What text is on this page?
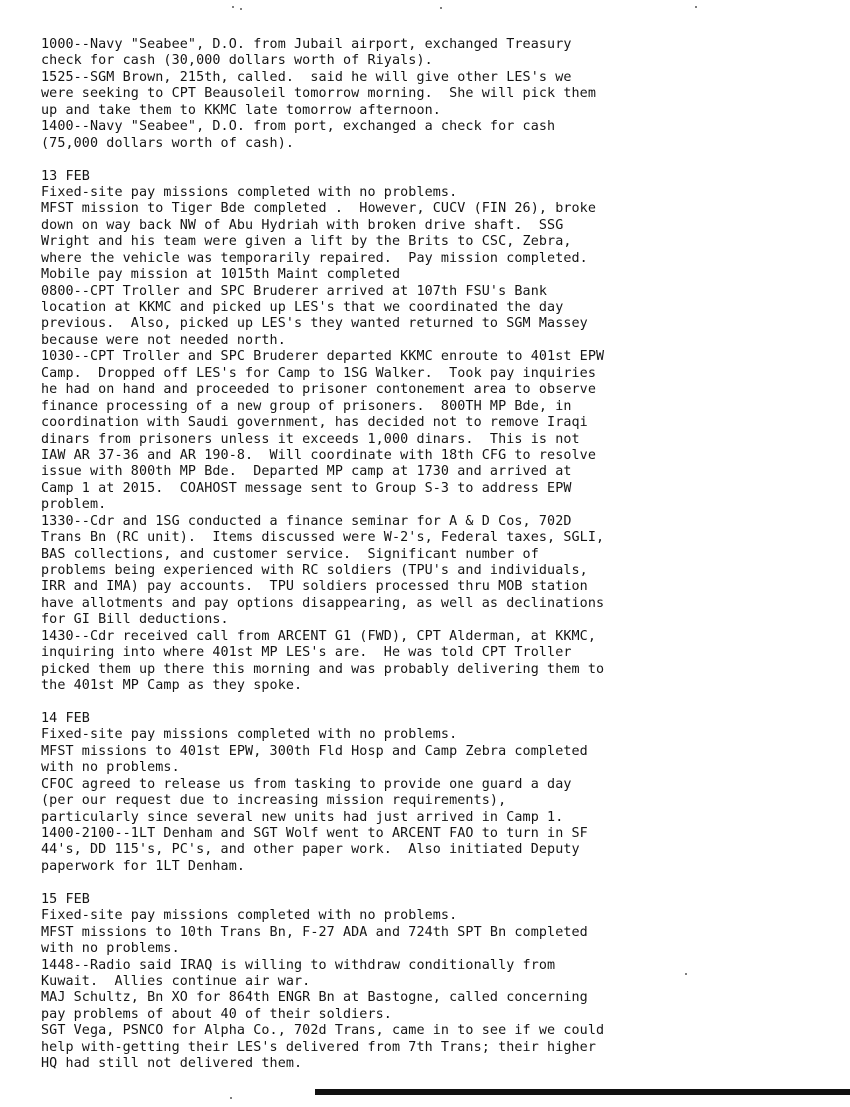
1000--Navy "Seabee", D.O. from Jubail airport, exchanged Treasury
check for cash (30,000 dollars worth of Riyals).
1525--SGM Brown, 215th, called.  said he will give other LES's we
were seeking to CPT Beausoleil tomorrow morning.  She will pick them
up and take them to KKMC late tomorrow afternoon.
1400--Navy "Seabee", D.O. from port, exchanged a check for cash
(75,000 dollars worth of cash).
13 FEB
Fixed-site pay missions completed with no problems.
MFST mission to Tiger Bde completed .  However, CUCV (FIN 26), broke
down on way back NW of Abu Hydriah with broken drive shaft.  SSG
Wright and his team were given a lift by the Brits to CSC, Zebra,
where the vehicle was temporarily repaired.  Pay mission completed.
Mobile pay mission at 1015th Maint completed
0800--CPT Troller and SPC Bruderer arrived at 107th FSU's Bank
location at KKMC and picked up LES's that we coordinated the day
previous.  Also, picked up LES's they wanted returned to SGM Massey
because were not needed north.
1030--CPT Troller and SPC Bruderer departed KKMC enroute to 401st EPW
Camp.  Dropped off LES's for Camp to 1SG Walker.  Took pay inquiries
he had on hand and proceeded to prisoner contonement area to observe
finance processing of a new group of prisoners.  800TH MP Bde, in
coordination with Saudi government, has decided not to remove Iraqi
dinars from prisoners unless it exceeds 1,000 dinars.  This is not
IAW AR 37-36 and AR 190-8.  Will coordinate with 18th CFG to resolve
issue with 800th MP Bde.  Departed MP camp at 1730 and arrived at
Camp 1 at 2015.  COAHOST message sent to Group S-3 to address EPW
problem.
1330--Cdr and 1SG conducted a finance seminar for A & D Cos, 702D
Trans Bn (RC unit).  Items discussed were W-2's, Federal taxes, SGLI,
BAS collections, and customer service.  Significant number of
problems being experienced with RC soldiers (TPU's and individuals,
IRR and IMA) pay accounts.  TPU soldiers processed thru MOB station
have allotments and pay options disappearing, as well as declinations
for GI Bill deductions.
1430--Cdr received call from ARCENT G1 (FWD), CPT Alderman, at KKMC,
inquiring into where 401st MP LES's are.  He was told CPT Troller
picked them up there this morning and was probably delivering them to
the 401st MP Camp as they spoke.
14 FEB
Fixed-site pay missions completed with no problems.
MFST missions to 401st EPW, 300th Fld Hosp and Camp Zebra completed
with no problems.
CFOC agreed to release us from tasking to provide one guard a day
(per our request due to increasing mission requirements),
particularly since several new units had just arrived in Camp 1.
1400-2100--1LT Denham and SGT Wolf went to ARCENT FAO to turn in SF
44's, DD 115's, PC's, and other paper work.  Also initiated Deputy
paperwork for 1LT Denham.
15 FEB
Fixed-site pay missions completed with no problems.
MFST missions to 10th Trans Bn, F-27 ADA and 724th SPT Bn completed
with no problems.
1448--Radio said IRAQ is willing to withdraw conditionally from
Kuwait.  Allies continue air war.
MAJ Schultz, Bn XO for 864th ENGR Bn at Bastogne, called concerning
pay problems of about 40 of their soldiers.
SGT Vega, PSNCO for Alpha Co., 702d Trans, came in to see if we could
help with-getting their LES's delivered from 7th Trans; their higher
HQ had still not delivered them.
